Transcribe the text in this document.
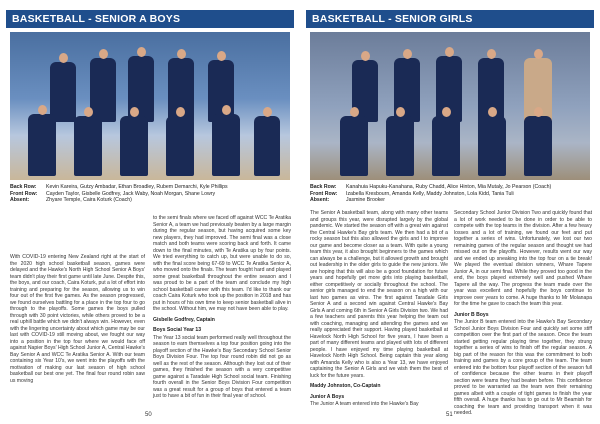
BASKETBALL - SENIOR A BOYS
Back Row: Kevin Kareira, Gutzy Ambadar, Ethan Broadley, Rubem Demarchi, Kyle Phillips
Front Row: Cayden Taylor, Gisbelle Godfrey, Jack Waby, Noah Morgan, Shane Lowry
Absent:	Zhyare Temple, Caira Koturk (Coach)

With COVID-19 entering New Zealand right at the start of the 2020 high school basketball season, games were delayed and the Hawke's North High School Senior A Boys' team didn't play their first game until late June. Despite this, the boys, and our coach, Caira Koturk, put a lot of effort into training and preparing for the season, allowing us to win four out of the first five games. As the season progressed, we found ourselves battling for a place in the top four to go through to the playoffs. Some games the boys pulled through with 30 point victories, while others proved to be a real uphill battle which we didn't always win. However, even with the lingering uncertainty about which game may be our last with COVID-19 still moving about, we fought our way into a position in the top four where we would face off against Napier Boys' High School Junior A, Central Hawke's Bay Senior A and WCC Te Aratika Senior A. With our team containing six Year 10's, we went into the playoffs with the motivation of making our last season of high school basketball our best one yet. The final four round robin saw us moving

to the semi finals where we faced off against WCC Te Aratika Senior A, a team we had previously beaten by a large margin during the regular season, but having acquired some key new players, they had improved. The semi final was a close match and both teams were scoring back and forth. It came down to the final minutes, with Te Aratika up by four points. We tried everything to catch up, but were unable to do so, with the final score being 67-69 to WCC Te Aratika Senior A, who moved onto the finals. The team fought hard and played some great basketball throughout the entire season and I was proud to be a part of the team and conclude my high school basketball career with this team. I'd like to thank our coach Caira Koturk who took up the position in 2018 and has put in hours of his own time to keep senior basketball alive in the school. Without him, we may not have been able to play.

Gisbelle Godfrey, Captain

Boys Social Year 13
The Year 13 social team performed really well throughout the season to earn themselves a top four position going into the playoff section of the Hawke's Bay Secondary School Senior Boys Division Four. The top four round robin did not go as well as the rest of the season. Although they lost out of their games, they finished the season with a very competitive game against a Taradale High School social team. Finishing fourth overall in the Senior Boys Division Four competition was a great result for a group of boys that entered a team just to have a bit of fun in their final year of school.

50
BASKETBALL - SENIOR GIRLS
Back Row: Kanahuia Hapuku-Kanahana, Ruby Chadd, Alice Hinton, Mia Mutaly, Jo Pearson (Coach)
Front Row: Izabella Kresbourn, Amanda Kelly, Maddy Johnston, Lola Kidd, Tania Tuli
Absent:	Jasmine Brooker

The Senior A basketball team, along with many other teams and groups this year, were disrupted largely by the global pandemic. We started the season off with a great win against the Central Hawke's Bay girls team. We then had a bit of a rocky season but this also allowed the girls and I to improve our game and become closer as a team. With quite a young team this year, it also brought beginners to the games which can always be a challenge, but it allowed growth and brought out leadership in the older girls to guide the new juniors. We are hoping that this will also be a good foundation for future years and hopefully get more girls into playing basketball, either competitively or socially throughout the school. The senior girls managed to end the season on a high with our last two games as wins. The first against Taradale Girls Senior A and a second win against Central Hawke's Bay Girls A and coming 6th in Senior A Girls Division two. We had a few teachers and parents this year helping the team out with coaching, managing and attending the games and we really appreciated their support. Having played basketball at Havelock North High School for five years, I have been a part of many different teams and played with lots of different people. I have enjoyed my time playing basketball at Havelock North High School. Being captain this year along with Amanda Kelly who is also a Year 13, we have enjoyed captaining the Senior A Girls and we wish them the best of luck for the future years.

Maddy Johnston, Co-Captain

Junior A Boys
The Junior A team entered into the Hawke's Bay

Secondary School Junior Division Two and quickly found that a lot of work needed to be done in order to be able to compete with the top teams in the division. After a few heavy losses and a lot of training, we found our feet and put together a series of wins. Unfortunately, we lost our two remaining games of the regular season and thought we had missed out on the playoffs. However, results went our way and we ended up sneaking into the top four on a tie break! We played the eventual division winners, Whare Tapere Junior A, in our semi final. While they proved too good in the end, the boys played extremely well and pushed Whare Tapere all the way. The progress the team made over the year was excellent and hopefully the boys continue to improve over years to come. A huge thanks to Mr Molanapa for the time he gave to coach the team this year.

Junior B Boys
The Junior B team entered into the Hawke's Bay Secondary School Junior Boys Division Four and quickly set some stiff competition over the first part of the season. Once the team started getting regular playing time together, they strung together a series of wins to finish off the regular season. A big part of the reason for this was the commitment to both training and games by a core group of the team. The team entered into the bottom four playoff section of the season full of confidence because the other teams in their playoff section were teams they had beaten before. This confidence proved to be warranted as the team won their remaining games albeit with a couple of tight games to finish the year fifth overall. A huge thanks has to go out to Mr Beamish for coaching the team and providing transport when it was needed.

51
